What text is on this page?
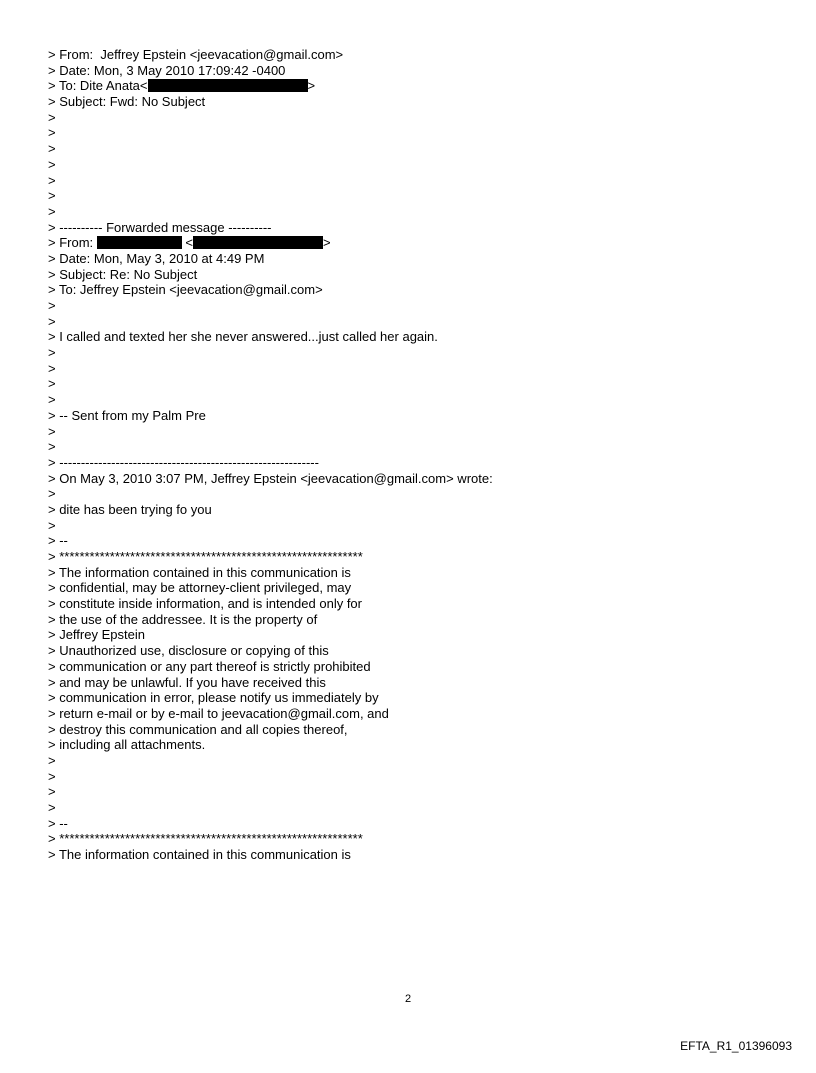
> From:  Jeffrey Epstein <jeevacation@gmail.com>
> Date: Mon, 3 May 2010 17:09:42 -0400
> To: Dite Anata<	>
> Subject: Fwd: No Subject
>
>
>
>
>
>
>
> ---------- Forwarded message ----------
> From:	<	>
> Date: Mon, May 3, 2010 at 4:49 PM
> Subject: Re: No Subject
> To: Jeffrey Epstein <jeevacation@gmail.com>
>
>
> I called and texted her she never answered...just called her again.
>
>
>
>
> -- Sent from my Palm Pre
>
>
> ------------------------------------------------------------
> On May 3, 2010 3:07 PM, Jeffrey Epstein <jeevacation@gmail.com> wrote:
>
> dite has been trying fo you
>
> --
> ************************************************************
> The information contained in this communication is
> confidential, may be attorney-client privileged, may
> constitute inside information, and is intended only for
> the use of the addressee. It is the property of
> Jeffrey Epstein
> Unauthorized use, disclosure or copying of this
> communication or any part thereof is strictly prohibited
> and may be unlawful. If you have received this
> communication in error, please notify us immediately by
> return e-mail or by e-mail to jeevacation@gmail.com, and
> destroy this communication and all copies thereof,
> including all attachments.
>
>
>
>
> --
> ************************************************************
> The information contained in this communication is
2
EFTA_R1_01396093
